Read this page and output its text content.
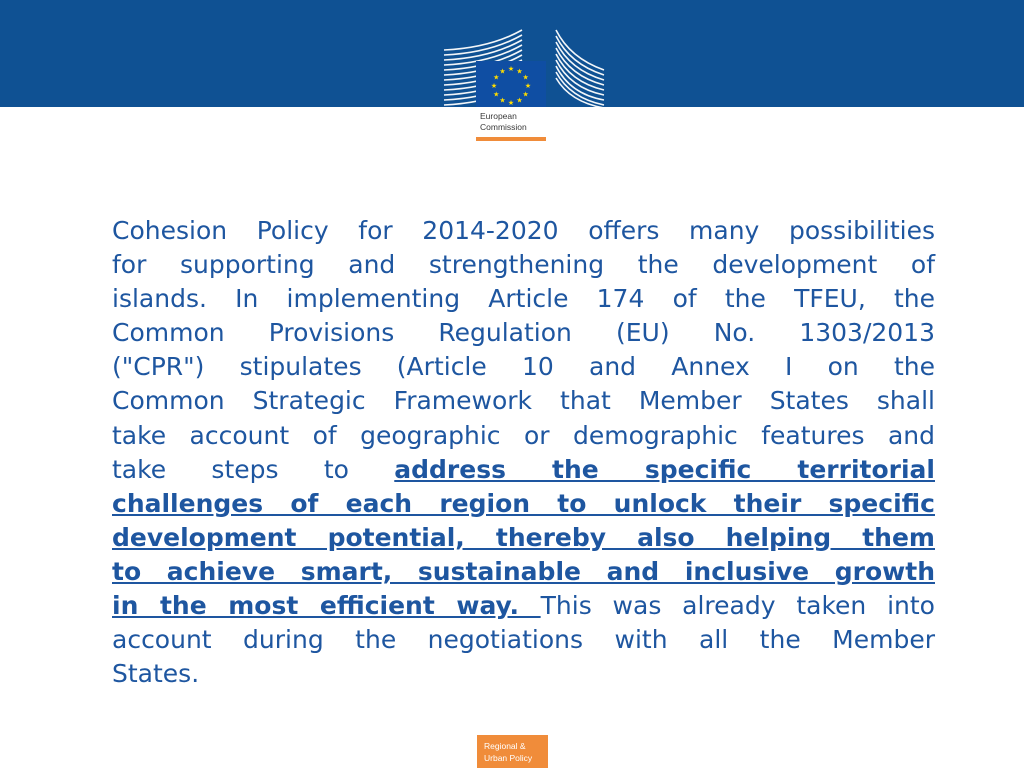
★ ★
★
★
★
★
★
★
★
★
★
★
European
Commission
Cohesion Policy for 2014-2020 offers many possibilities
for supporting and strengthening the development of
islands. In implementing Article 174 of the TFEU, the
Common Provisions Regulation (EU) No. 1303/2013
("CPR") stipulates (Article 10 and Annex I on the
Common Strategic Framework that Member States shall
take account of geographic or demographic features and
take steps to address the specific territorial
challenges of each region to unlock their specific
development potential, thereby also helping them
to achieve smart, sustainable and inclusive growth
in the most efficient way. This was already taken into
account during the negotiations with all the Member
States.
Regional &
Urban Policy
